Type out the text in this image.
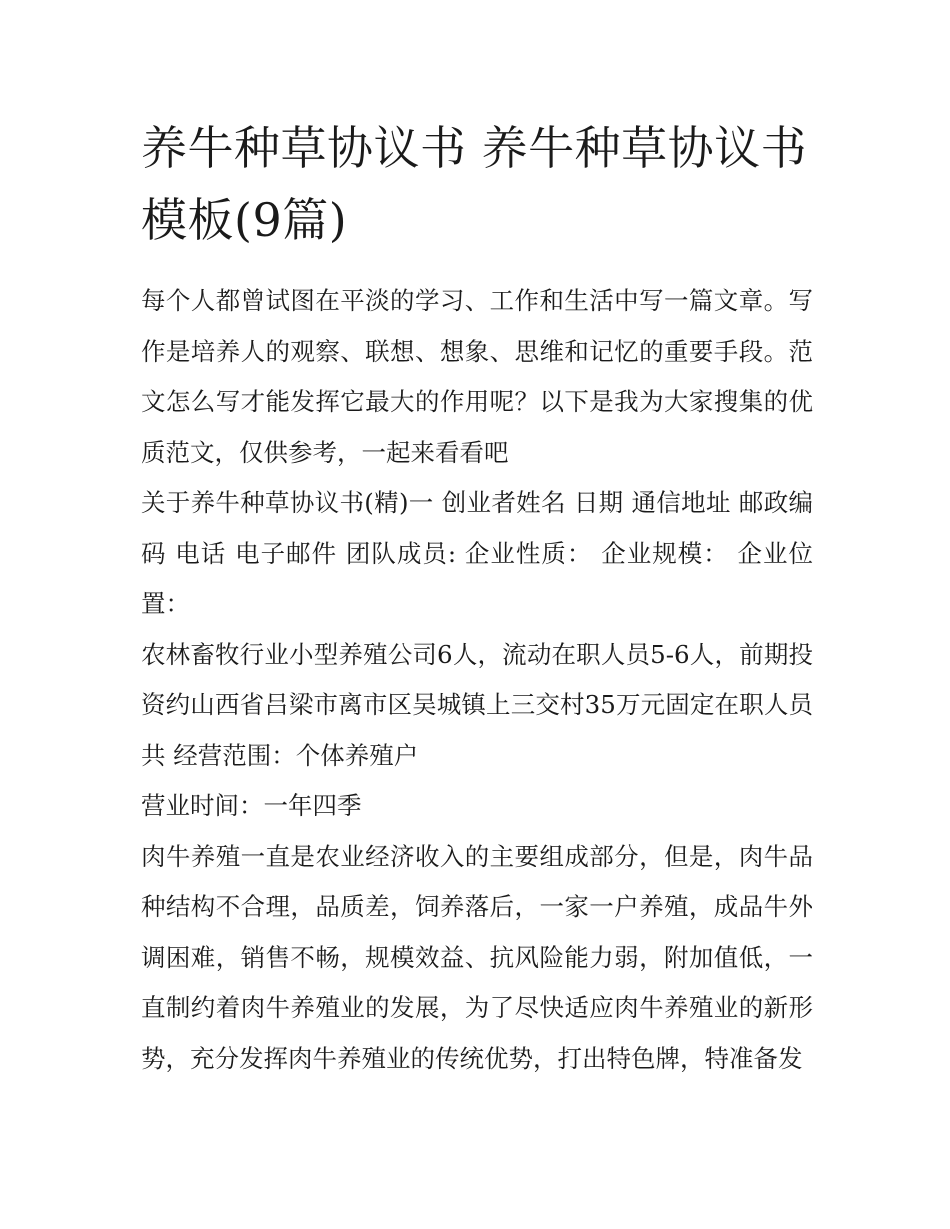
养牛种草协议书 养牛种草协议书模板(9篇)

每个人都曾试图在平淡的学习、工作和生活中写一篇文章。写作是培养人的观察、联想、想象、思维和记忆的重要手段。范文怎么写才能发挥它最大的作用呢？以下是我为大家搜集的优质范文，仅供参考，一起来看看吧

关于养牛种草协议书(精)一 创业者姓名 日期 通信地址 邮政编码 电话 电子邮件 团队成员: 企业性质： 企业规模： 企业位置：

农林畜牧行业小型养殖公司6人，流动在职人员5-6人，前期投资约山西省吕梁市离市区吴城镇上三交村35万元固定在职人员共 经营范围：个体养殖户

营业时间：一年四季

肉牛养殖一直是农业经济收入的主要组成部分，但是，肉牛品种结构不合理，品质差，饲养落后，一家一户养殖，成品牛外调困难，销售不畅，规模效益、抗风险能力弱，附加值低，一直制约着肉牛养殖业的发展，为了尽快适应肉牛养殖业的新形势，充分发挥肉牛养殖业的传统优势，打出特色牌，特准备发
